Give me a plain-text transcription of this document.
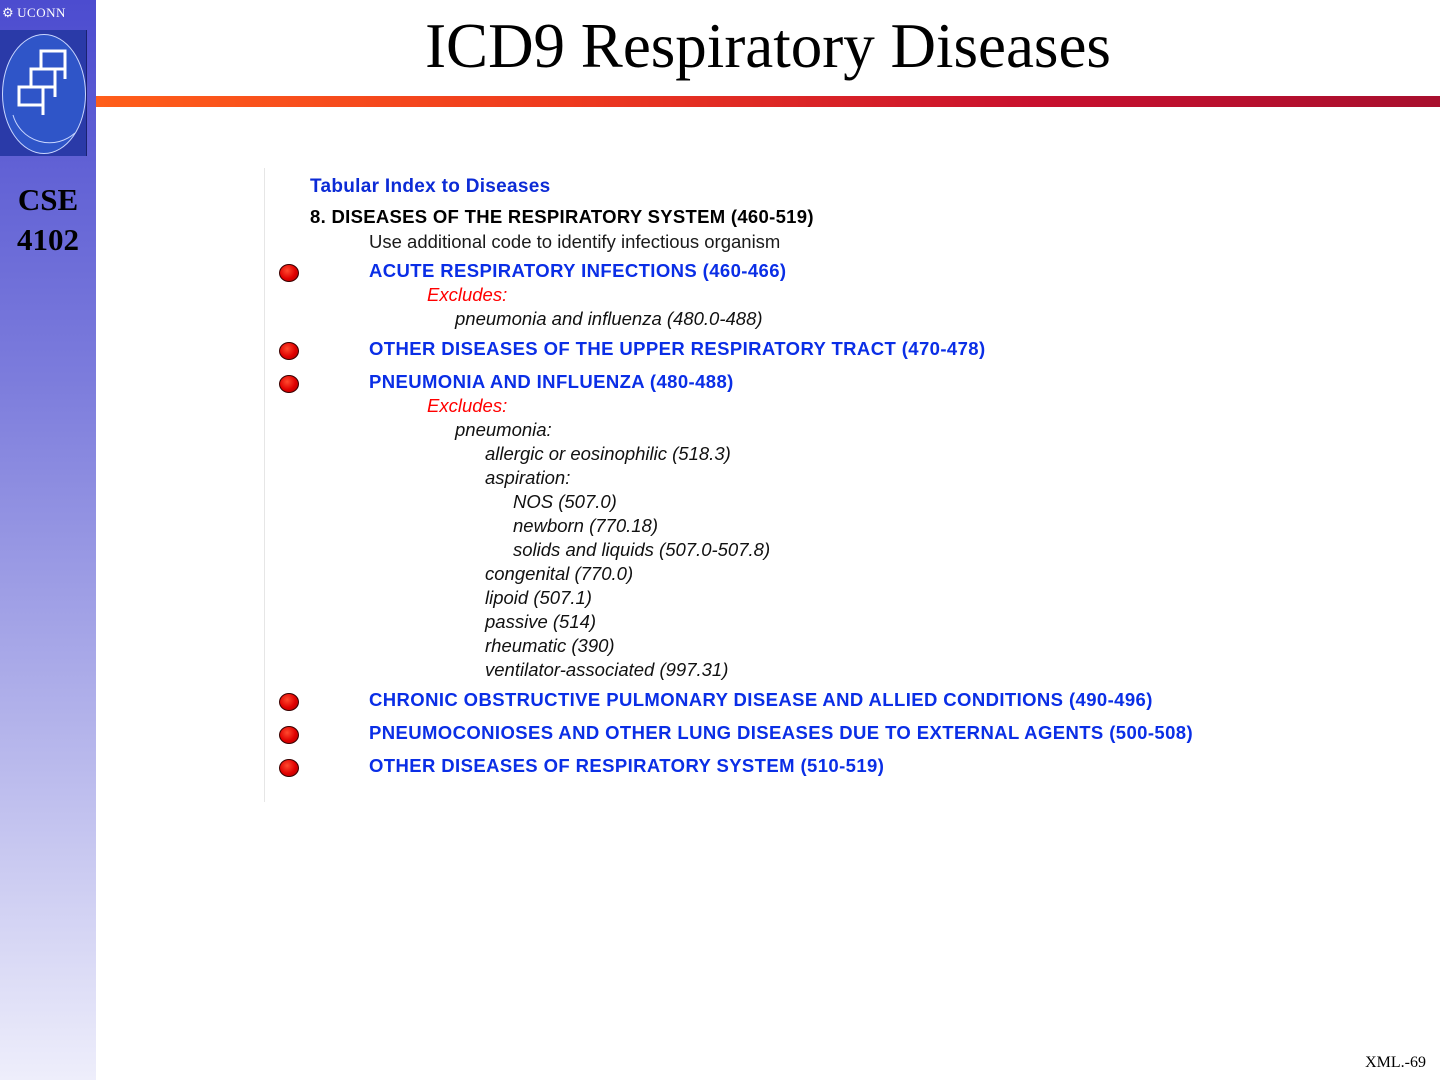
⚙ UCONN
CSE
4102
ICD9 Respiratory Diseases
Tabular Index to Diseases
8. DISEASES OF THE RESPIRATORY SYSTEM (460-519)
Use additional code to identify infectious organism
ACUTE RESPIRATORY INFECTIONS (460-466)
Excludes:
pneumonia and influenza (480.0-488)
OTHER DISEASES OF THE UPPER RESPIRATORY TRACT (470-478)
PNEUMONIA AND INFLUENZA (480-488)
Excludes:
pneumonia:
allergic or eosinophilic (518.3)
aspiration:
NOS (507.0)
newborn (770.18)
solids and liquids (507.0-507.8)
congenital (770.0)
lipoid (507.1)
passive (514)
rheumatic (390)
ventilator-associated (997.31)
CHRONIC OBSTRUCTIVE PULMONARY DISEASE AND ALLIED CONDITIONS (490-496)
PNEUMOCONIOSES AND OTHER LUNG DISEASES DUE TO EXTERNAL AGENTS (500-508)
OTHER DISEASES OF RESPIRATORY SYSTEM (510-519)
XML.-69
